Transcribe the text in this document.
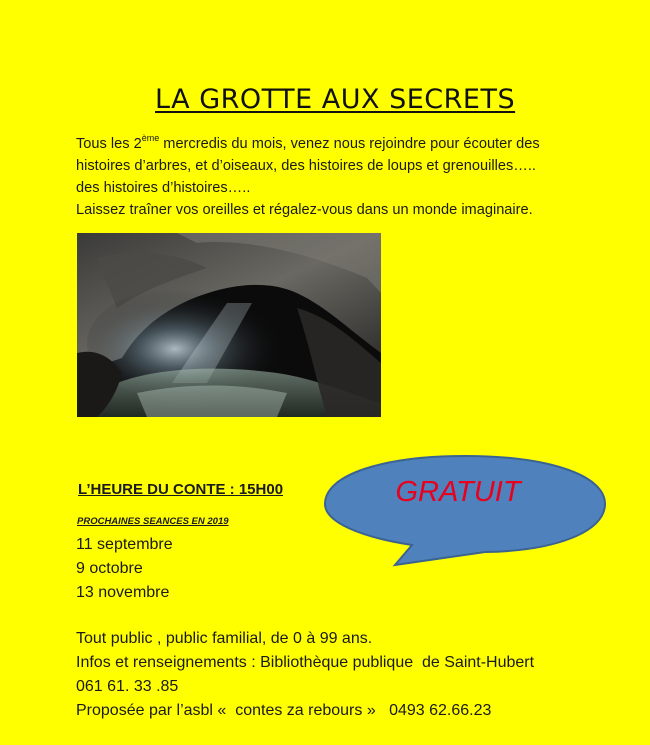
LA GROTTE AUX SECRETS
Tous les 2ème mercredis du mois, venez nous rejoindre pour écouter des
histoires d’arbres, et d’oiseaux, des histoires de loups et grenouilles…..
des histoires d’histoires…..
Laissez traîner vos oreilles et régalez-vous dans un monde imaginaire.
L’HEURE DU CONTE : 15H00
PROCHAINES SEANCES EN 2019
11 septembre
9 octobre
13 novembre
GRATUIT
Tout public , public familial, de 0 à 99 ans.
Infos et renseignements : Bibliothèque publique  de Saint-Hubert
061 61. 33 .85
Proposée par l’asbl «  contes za rebours »   0493 62.66.23
